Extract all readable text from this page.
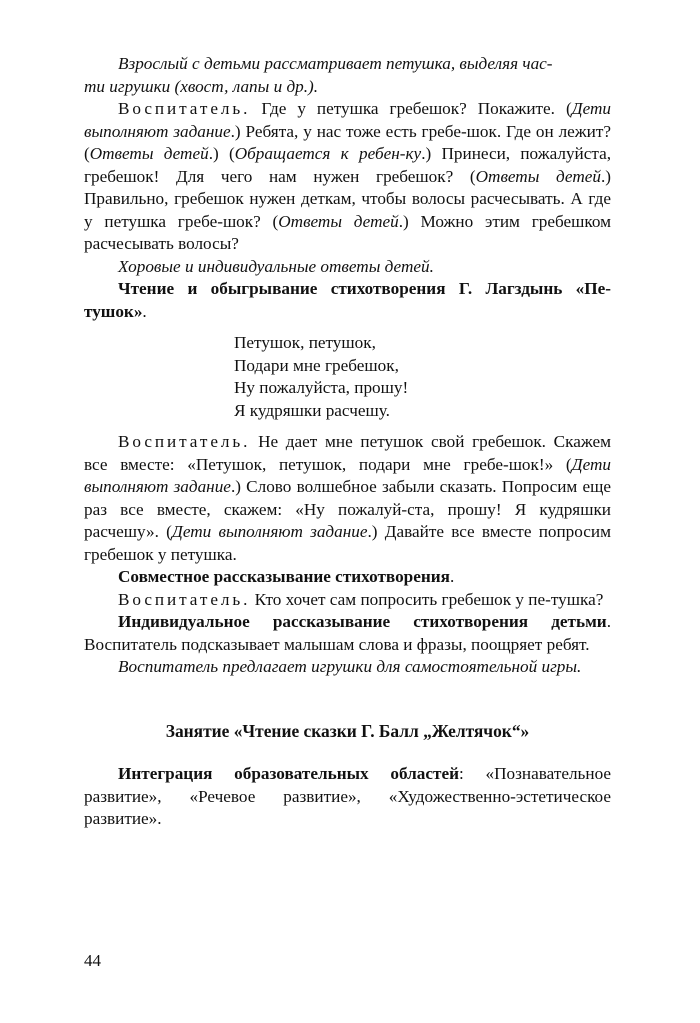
Взрослый с детьми рассматривает петушка, выделяя час-
ти игрушки (хвост, лапы и др.).

Воспитатель. Где у петушка гребешок? Покажите. (Дети выполняют задание.) Ребята, у нас тоже есть гребе-шок. Где он лежит? (Ответы детей.) (Обращается к ребен-ку.) Принеси, пожалуйста, гребешок! Для чего нам нужен гребешок? (Ответы детей.) Правильно, гребешок нужен деткам, чтобы волосы расчесывать. А где у петушка гребе-шок? (Ответы детей.) Можно этим гребешком расчесывать волосы?

Хоровые и индивидуальные ответы детей.

Чтение и обыгрывание стихотворения Г. Лагздынь «Пе-тушок».

Петушок, петушок,
Подари мне гребешок,
Ну пожалуйста, прошу!
Я кудряшки расчешу.

Воспитатель. Не дает мне петушок свой гребешок. Скажем все вместе: «Петушок, петушок, подари мне гребе-шок!» (Дети выполняют задание.) Слово волшебное забыли сказать. Попросим еще раз все вместе, скажем: «Ну пожалуй-ста, прошу! Я кудряшки расчешу». (Дети выполняют задание.) Давайте все вместе попросим гребешок у петушка.

Совместное рассказывание стихотворения.

Воспитатель. Кто хочет сам попросить гребешок у пе-тушка?

Индивидуальное рассказывание стихотворения детьми. Воспитатель подсказывает малышам слова и фразы, поощряет ребят.

Воспитатель предлагает игрушки для самостоятельной игры.

Занятие «Чтение сказки Г. Балл „Желтячок“»

Интеграция образовательных областей: «Познавательное развитие», «Речевое развитие», «Художественно-эстетическое развитие».

44
